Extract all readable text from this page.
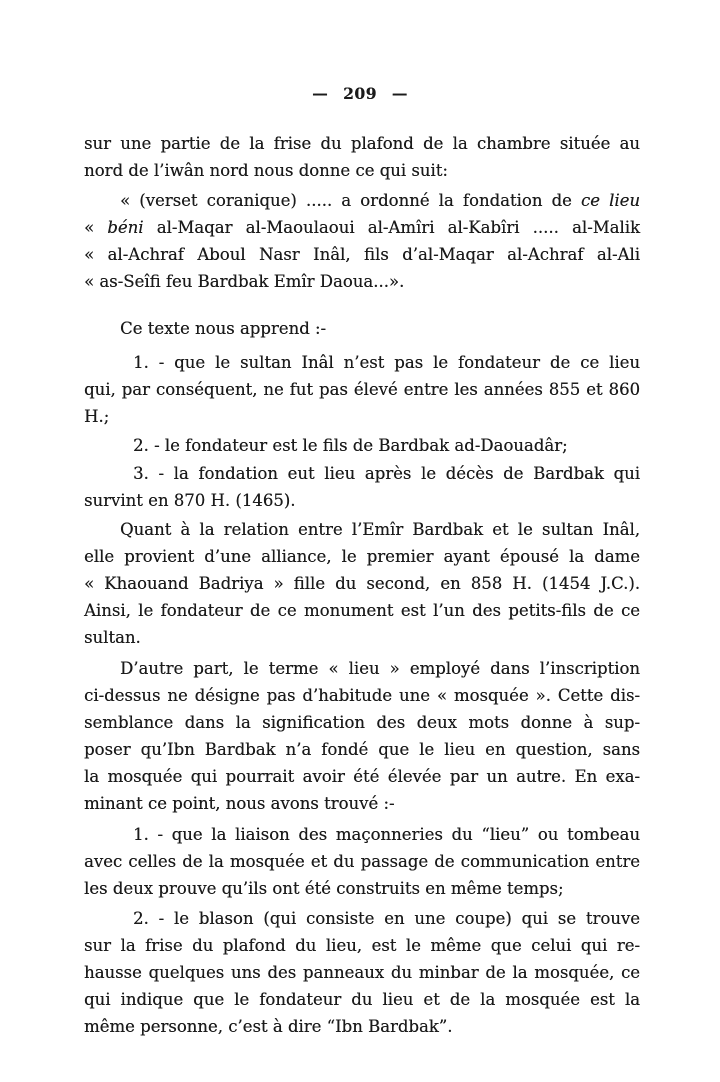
— 209 —
sur une partie de la frise du plafond de la chambre située au
nord de l’iwân nord nous donne ce qui suit:
« (verset coranique) ..... a ordonné la fondation de ce lieu
« béni al-Maqar al-Maoulaoui al-Amîri al-Kabîri ..... al-Malik
« al-Achraf Aboul Nasr Inâl, fils d’al-Maqar al-Achraf al-Ali
« as-Seîfi feu Bardbak Emîr Daoua...».
Ce texte nous apprend :-
1. - que le sultan Inâl n’est pas le fondateur de ce lieu
qui, par conséquent, ne fut pas élevé entre les années 855 et 860
H.;
2. - le fondateur est le fils de Bardbak ad-Daouadâr;
3. - la fondation eut lieu après le décès de Bardbak qui
survint en 870 H. (1465).
Quant à la relation entre l’Emîr Bardbak et le sultan Inâl,
elle provient d’une alliance, le premier ayant épousé la dame
« Khaouand Badriya » fille du second, en 858 H. (1454 J.C.).
Ainsi, le fondateur de ce monument est l’un des petits-fils de ce
sultan.
D’autre part, le terme « lieu » employé dans l’inscription
ci-dessus ne désigne pas d’habitude une « mosquée ». Cette dis-
semblance dans la signification des deux mots donne à sup-
poser qu’Ibn Bardbak n’a fondé que le lieu en question, sans
la mosquée qui pourrait avoir été élevée par un autre. En exa-
minant ce point, nous avons trouvé :-
1. - que la liaison des maçonneries du “lieu” ou tombeau
avec celles de la mosquée et du passage de communication entre
les deux prouve qu’ils ont été construits en même temps;
2. - le blason (qui consiste en une coupe) qui se trouve
sur la frise du plafond du lieu, est le même que celui qui re-
hausse quelques uns des panneaux du minbar de la mosquée, ce
qui indique que le fondateur du lieu et de la mosquée est la
même personne, c’est à dire “Ibn Bardbak”.
